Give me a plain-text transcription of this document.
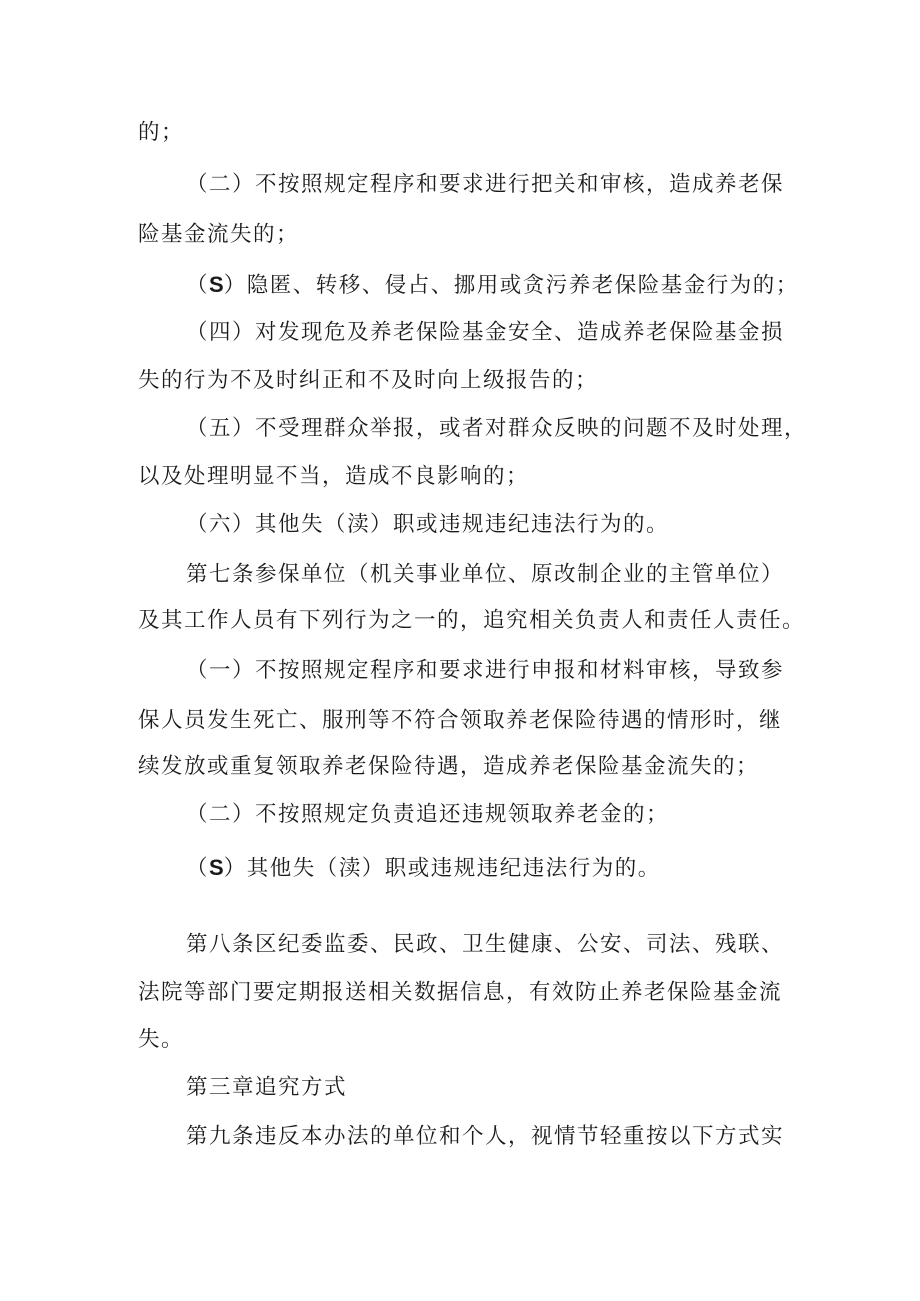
的；
（二）不按照规定程序和要求进行把关和审核，造成养老保
险基金流失的；
（S）隐匿、转移、侵占、挪用或贪污养老保险基金行为的；
（四）对发现危及养老保险基金安全、造成养老保险基金损
失的行为不及时纠正和不及时向上级报告的；
（五）不受理群众举报，或者对群众反映的问题不及时处理，
以及处理明显不当，造成不良影响的；
（六）其他失（渎）职或违规违纪违法行为的。
第七条参保单位（机关事业单位、原改制企业的主管单位）
及其工作人员有下列行为之一的，追究相关负责人和责任人责任。
（一）不按照规定程序和要求进行申报和材料审核，导致参
保人员发生死亡、服刑等不符合领取养老保险待遇的情形时，继
续发放或重复领取养老保险待遇，造成养老保险基金流失的；
（二）不按照规定负责追还违规领取养老金的；
（S）其他失（渎）职或违规违纪违法行为的。
第八条区纪委监委、民政、卫生健康、公安、司法、残联、
法院等部门要定期报送相关数据信息，有效防止养老保险基金流
失。
第三章追究方式
第九条违反本办法的单位和个人，视情节轻重按以下方式实
